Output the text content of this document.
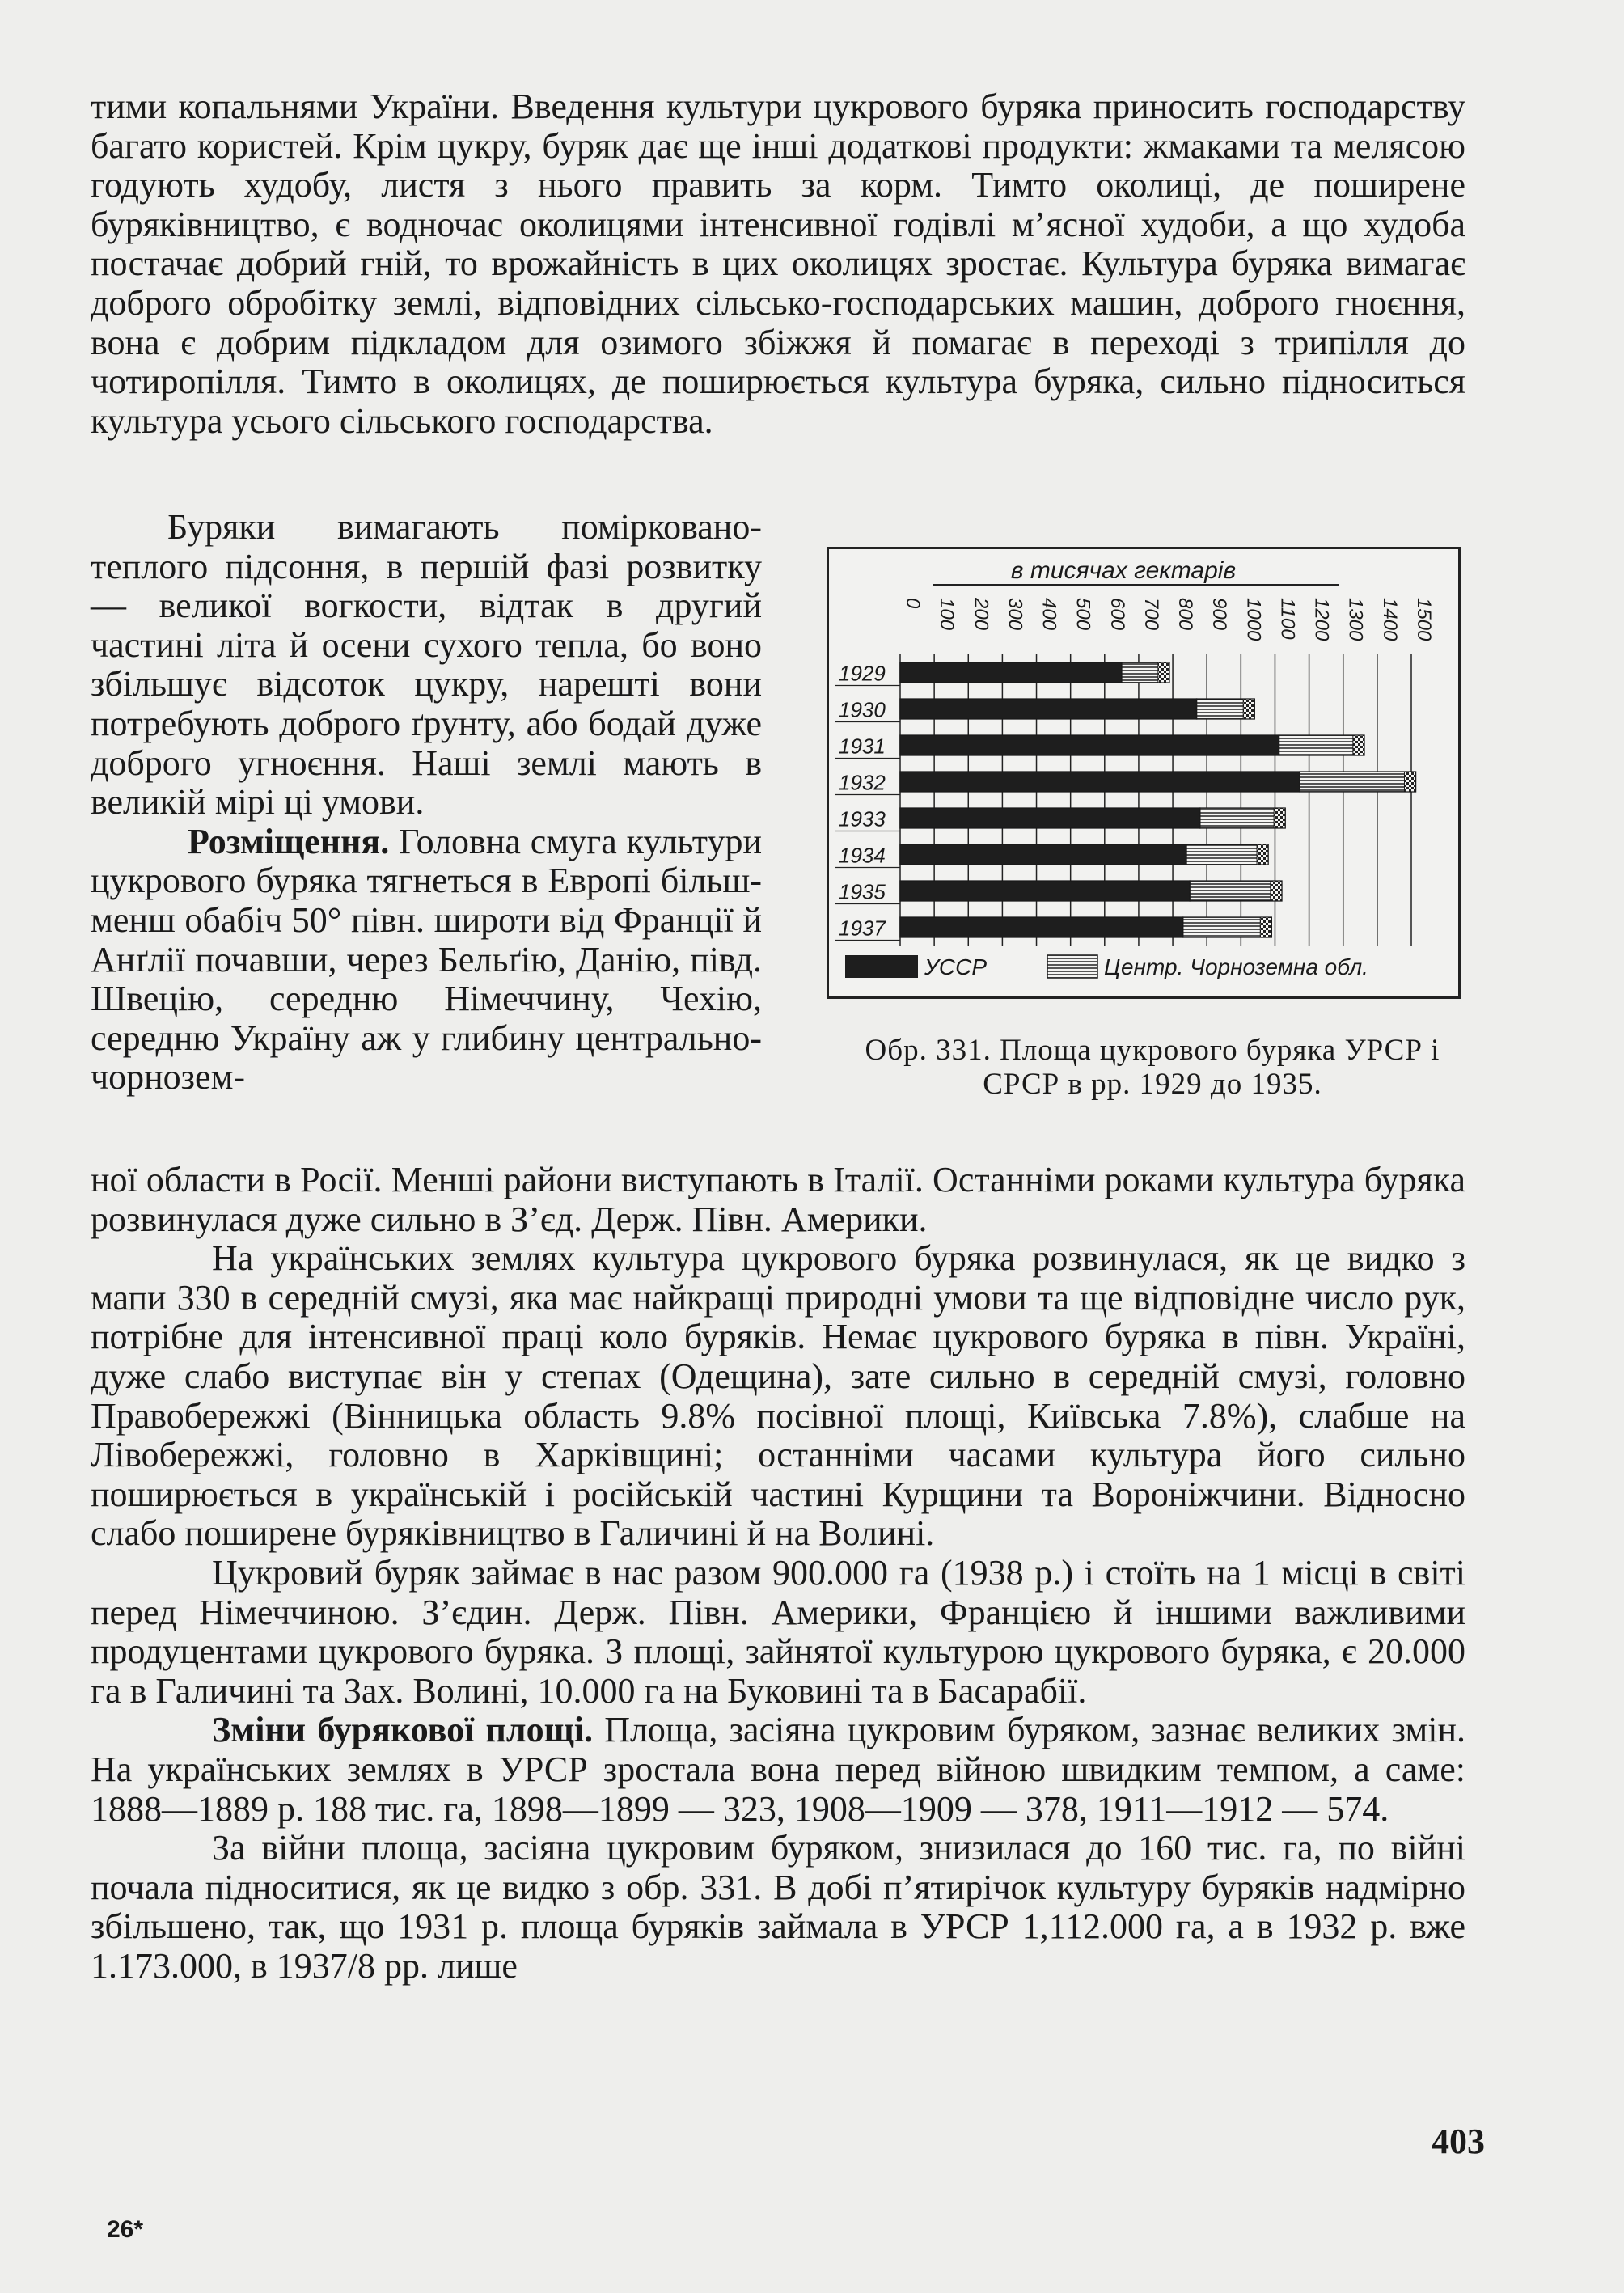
тими копальнями України. Введення культури цукрового буряка приносить господарству багато користей. Крім цукру, буряк дає ще інші додаткові продукти: жмаками та мелясою годують худобу, листя з нього править за корм. Тимто околиці, де поширене буряківництво, є водночас околицями інтенсивної годівлі м’ясної худоби, а що худоба постачає добрий гній, то врожайність в цих околицях зростає. Культура буряка вимагає доброго обробітку землі, відповідних сільсько-господарських машин, доброго гноєння, вона є добрим підкладом для озимого збіжжя й помагає в переході з трипілля до чотиропілля. Тимто в околицях, де поширюється культура буряка, сильно підноситься культура усього сільського господарства.

Буряки вимагають поміркованo-теплого підсоння, в першій фазі розвитку — великої вогкости, відтак в другий частині літа й осени сухого тепла, бо воно збільшує відсоток цукру, нарешті вони потребують доброго ґрунту, або бодай дуже доброго угноєння. Наші землі мають в великій мірі ці умови.

Розміщення. Головна смуга культури цукрового буряка тягнеться в Европі більш-менш обабіч 50° півн. широти від Франції й Анґлії почавши, через Бельґію, Данію, півд. Швецію, середню Німеччину, Чехію, середню Україну аж у глибину центрально-чорнозем-

в тисячах гектарів
0 100 200 300 400 500 600 700 800 900 1000 1100 1200 1300 1400 1500
1929
1930
1931
1932
1933
1934
1935
1937
УССР	Центр. Чорноземна обл.
Обр. 331. Площа цукрового буряка УРСР і СРСР в рр. 1929 до 1935.

ної области в Росії. Менші райони виступають в Італії. Останніми роками культура буряка розвинулася дуже сильно в З’єд. Держ. Півн. Америки.

На українських землях культура цукрового буряка розвинулася, як це видко з мапи 330 в середній смузі, яка має найкращі природні умови та ще відповідне число рук, потрібне для інтенсивної праці коло буряків. Немає цукрового буряка в півн. Україні, дуже слабо виступає він у степах (Одещина), зате сильно в середній смузі, головно Правобережжі (Вінницька область 9.8% посівної площі, Київська 7.8%), слабше на Лівобережжі, головно в Харківщині; останніми часами культура його сильно поширюється в українській і російській частині Курщини та Вороніжчини. Відносно слабо поширене буряківництво в Галичині й на Волині.

Цукровий буряк займає в нас разом 900.000 га (1938 р.) і стоїть на 1 місці в світі перед Німеччиною. З’єдин. Держ. Півн. Америки, Францією й іншими важливими продуцентами цукрового буряка. З площі, зайнятої культурою цукрового буряка, є 20.000 га в Галичині та Зах. Волині, 10.000 га на Буковині та в Басарабії.

Зміни бурякової площі. Площа, засіяна цукровим буряком, зазнає великих змін. На українських землях в УРСР зростала вона перед війною швидким темпом, а саме: 1888—1889 р. 188 тис. га, 1898—1899 — 323, 1908—1909 — 378, 1911—1912 — 574.

За війни площа, засіяна цукровим буряком, знизилася до 160 тис. га, по війні почала підноситися, як це видко з обр. 331. В добі п’ятирічок культуру буряків надмірно збільшено, так, що 1931 р. площа буряків займала в УРСР 1,112.000 га, а в 1932 р. вже 1.173.000, в 1937/8 рр. лише

26*
403
